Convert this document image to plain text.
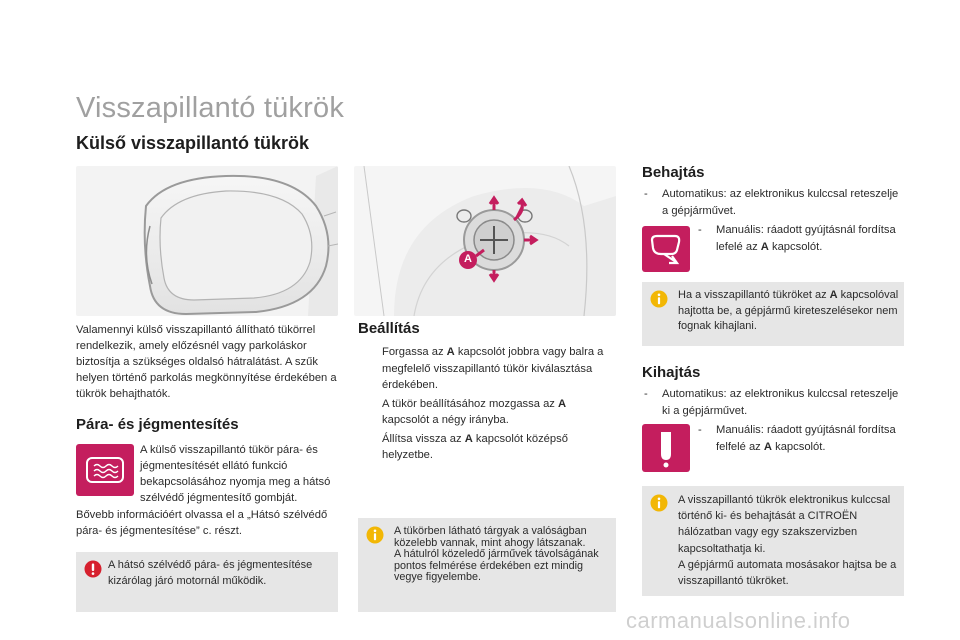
Visszapillantó tükrök
Külső visszapillantó tükrök

Valamennyi külső visszapillantó állítható tükörrel rendelkezik, amely előzésnél vagy parkoláskor biztosítja a szükséges oldalsó hátralátást. A szűk helyen történő parkolás megkönnyítése érdekében a tükrök behajthatók.

Pára- és jégmentesítés

A külső visszapillantó tükör pára- és jégmentesítését ellátó funkció bekapcsolásához nyomja meg a hátsó szélvédő jégmentesítő gombját.

Bővebb információért olvassa el a „Hátsó szélvédő pára- és jégmentesítése” c. részt.

A hátsó szélvédő pára- és jégmentesítése kizárólag járó motornál működik.

A
Beállítás
Forgassa az A kapcsolót jobbra vagy balra a megfelelő visszapillantó tükör kiválasztása érdekében.
A tükör beállításához mozgassa az A kapcsolót a négy irányba.
Állítsa vissza az A kapcsolót középső helyzetbe.

A tükörben látható tárgyak a valóságban közelebb vannak, mint ahogy látszanak.
A hátulról közeledő járművek távolságának pontos felmérése érdekében ezt mindig vegye figyelembe.

Behajtás
- Automatikus: az elektronikus kulccsal reteszelje a gépjárművet.
- Manuális: ráadott gyújtásnál fordítsa lefelé az A kapcsolót.

Ha a visszapillantó tükröket az A kapcsolóval hajtotta be, a gépjármű kireteszelésekor nem fognak kihajlani.

Kihajtás
- Automatikus: az elektronikus kulccsal reteszelje ki a gépjárművet.
- Manuális: ráadott gyújtásnál fordítsa felfelé az A kapcsolót.

A visszapillantó tükrök elektronikus kulccsal történő ki- és behajtását a CITROËN hálózatban vagy egy szakszervizben kapcsoltathatja ki.
A gépjármű automata mosásakor hajtsa be a visszapillantó tükröket.

carmanualsonline.info
